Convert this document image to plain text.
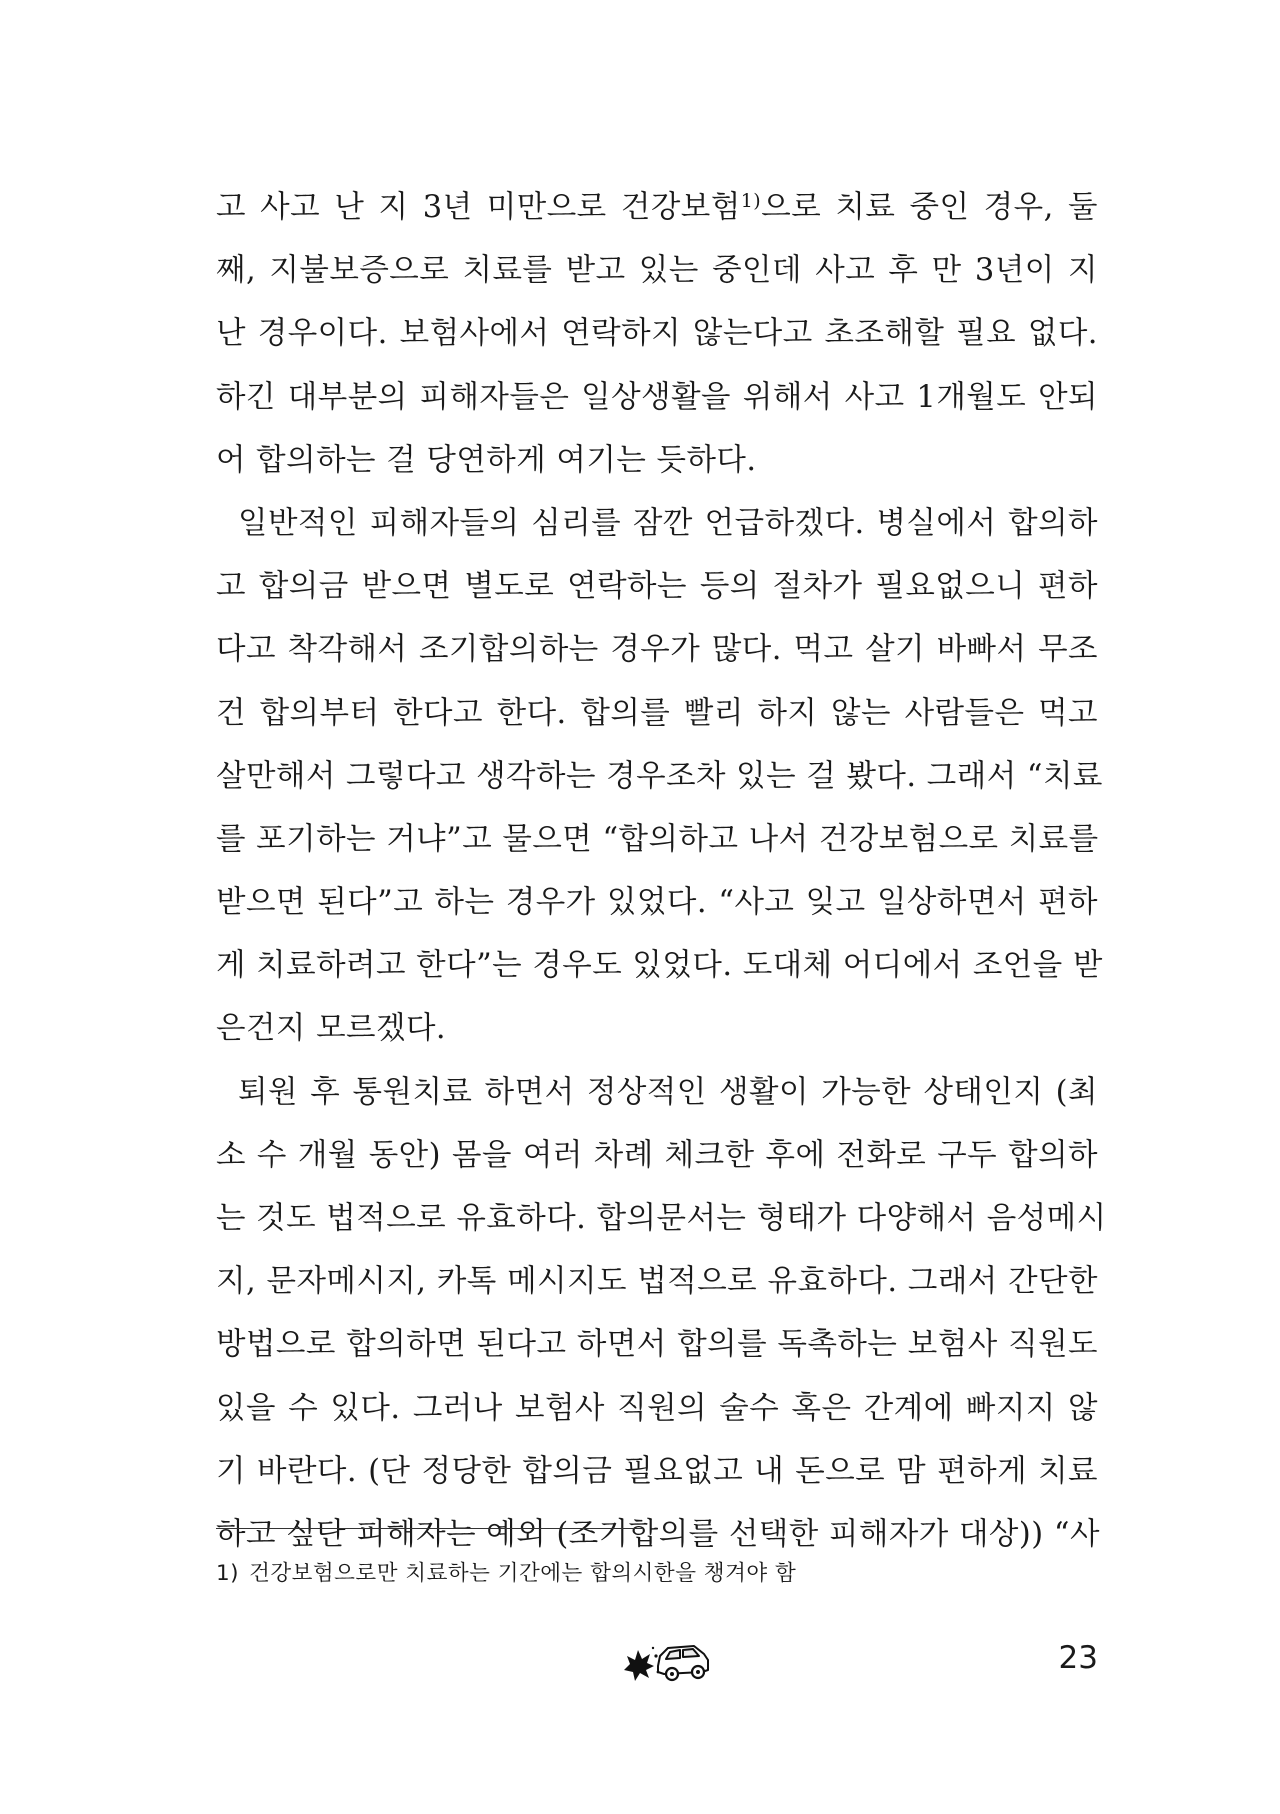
고 사고 난 지 3년 미만으로 건강보험$^{1)}$으로 치료 중인 경우, 둘
째, 지불보증으로 치료를 받고 있는 중인데 사고 후 만 3년이 지
난 경우이다. 보험사에서 연락하지 않는다고 초조해할 필요 없다.
하긴 대부분의 피해자들은 일상생활을 위해서 사고 1개월도 안되
어 합의하는 걸 당연하게 여기는 듯하다.
일반적인 피해자들의 심리를 잠깐 언급하겠다. 병실에서 합의하
고 합의금 받으면 별도로 연락하는 등의 절차가 필요없으니 편하
다고 착각해서 조기합의하는 경우가 많다. 먹고 살기 바빠서 무조
건 합의부터 한다고 한다. 합의를 빨리 하지 않는 사람들은 먹고
살만해서 그렇다고 생각하는 경우조차 있는 걸 봤다. 그래서 “치료
를 포기하는 거냐”고 물으면 “합의하고 나서 건강보험으로 치료를
받으면 된다”고 하는 경우가 있었다. “사고 잊고 일상하면서 편하
게 치료하려고 한다”는 경우도 있었다. 도대체 어디에서 조언을 받
은건지 모르겠다.
퇴원 후 통원치료 하면서 정상적인 생활이 가능한 상태인지 (최
소 수 개월 동안) 몸을 여러 차례 체크한 후에 전화로 구두 합의하
는 것도 법적으로 유효하다. 합의문서는 형태가 다양해서 음성메시
지, 문자메시지, 카톡 메시지도 법적으로 유효하다. 그래서 간단한
방법으로 합의하면 된다고 하면서 합의를 독촉하는 보험사 직원도
있을 수 있다. 그러나 보험사 직원의 술수 혹은 간계에 빠지지 않
기 바란다. (단 정당한 합의금 필요없고 내 돈으로 맘 편하게 치료
하고 싶단 피해자는 예외 (조기합의를 선택한 피해자가 대상)) “사
1) 건강보험으로만 치료하는 기간에는 합의시한을 챙겨야 함
23
